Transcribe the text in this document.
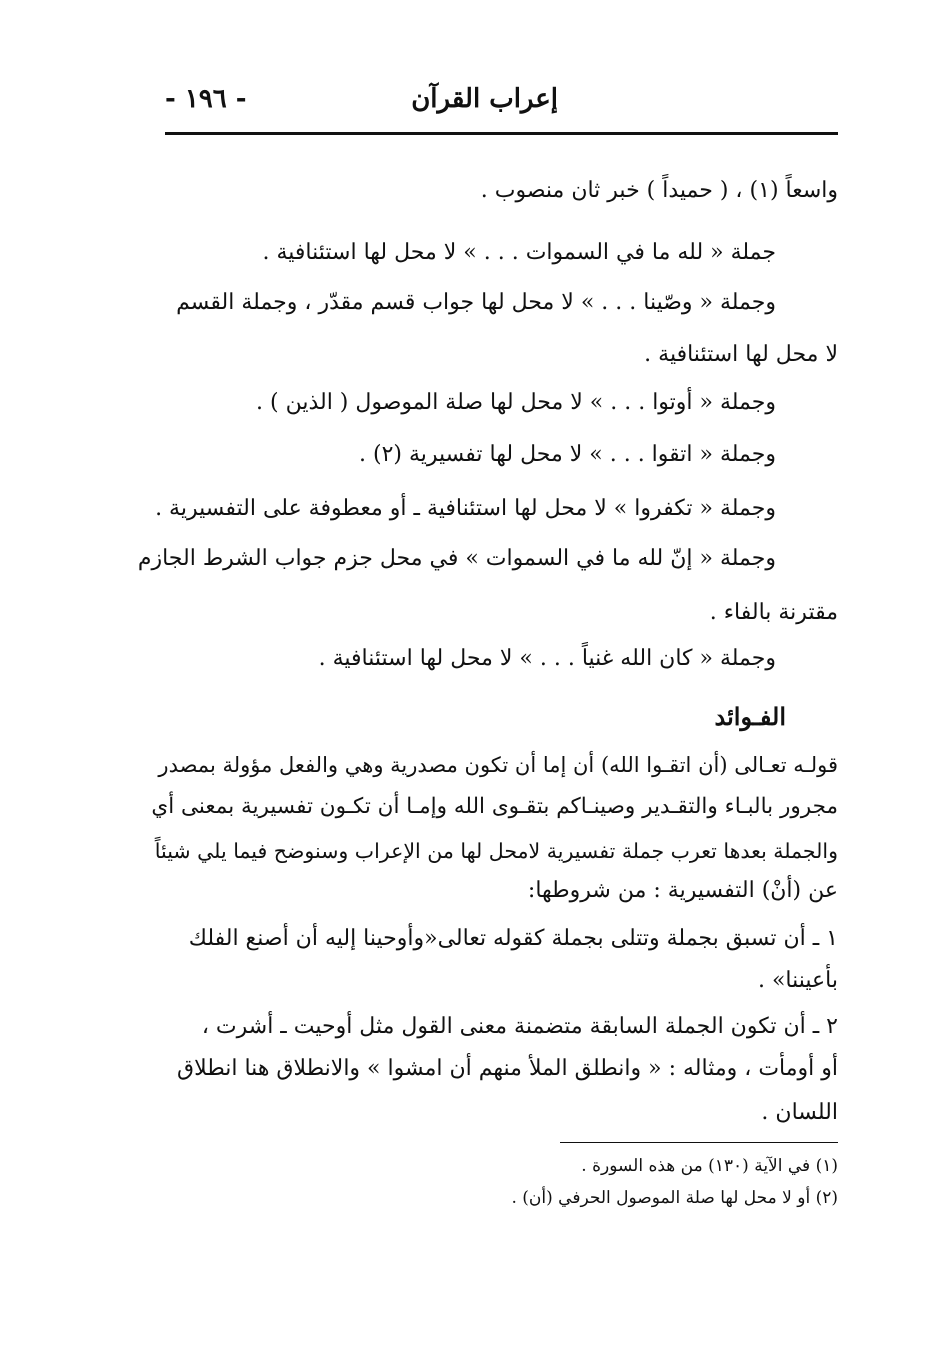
إعراب القرآن
- ١٩٦ -
واسعاً (١) ، ( حميداً ) خبر ثان منصوب .
جملة « لله ما في السموات . . . » لا محل لها استئنافية .
وجملة « وصّينا . . . » لا محل لها جواب قسم مقدّر ، وجملة القسم
لا محل لها استئنافية .
وجملة « أوتوا . . . » لا محل لها صلة الموصول ( الذين ) .
وجملة « اتقوا . . . » لا محل لها تفسيرية (٢) .
وجملة « تكفروا » لا محل لها استئنافية ـ أو معطوفة على التفسيرية .
وجملة « إنّ لله ما في السموات » في محل جزم جواب الشرط الجازم
مقترنة بالفاء .
وجملة « كان الله غنياً . . . » لا محل لها استئنافية .
الفـوائد
قولـه تعـالى (أن اتقـوا الله) أن إما أن تكون مصدرية وهي والفعل مؤولة بمصدر
مجرور بالبـاء والتقـدير وصينـاكم بتقـوى الله وإمـا أن تكـون تفسيرية بمعنى أي
والجملة بعدها تعرب جملة تفسيرية لامحل لها من الإعراب وسنوضح فيما يلي شيئاً
عن (أنْ) التفسيرية : من شروطها:
١ ـ أن تسبق بجملة وتتلى بجملة كقوله تعالى«وأوحينا إليه أن أصنع الفلك
بأعيننا» .
٢ ـ أن تكون الجملة السابقة متضمنة معنى القول مثل أوحيت ـ أشرت ،
أو أومأت ، ومثاله : « وانطلق الملأ منهم أن امشوا » والانطلاق هنا انطلاق
اللسان .
(١) في الآية (١٣٠) من هذه السورة .
(٢) أو لا محل لها صلة الموصول الحرفي (أن) .
